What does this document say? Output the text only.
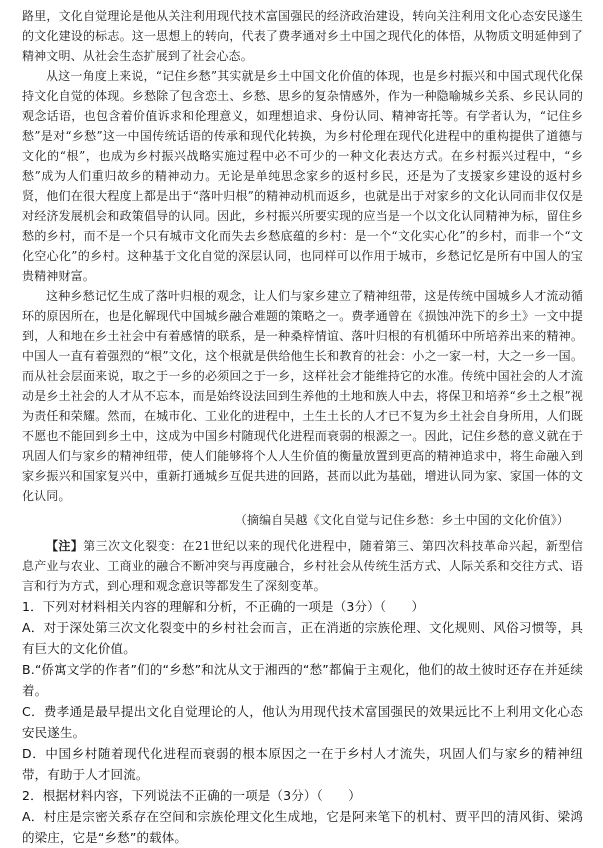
路里，文化自觉理论是他从关注利用现代技术富国强民的经济政治建设，转向关注利用文化心态安民遂生的文化建设的标志。这一思想上的转向，代表了费孝通对乡土中国之现代化的体悟，从物质文明延伸到了精神文明、从社会生态扩展到了社会心态。

从这一角度上来说，“记住乡愁”其实就是乡土中国文化价值的体现，也是乡村振兴和中国式现代化保持文化自觉的体现。乡愁除了包含恋土、乡愁、思乡的复杂情感外，作为一种隐喻城乡关系、乡民认同的观念话语，也包含着价值诉求和伦理意义，如理想追求、身份认同、精神寄托等。有学者认为，“记住乡愁”是对“乡愁”这一中国传统话语的传承和现代化转换，为乡村伦理在现代化进程中的重构提供了道德与文化的“根”，也成为乡村振兴战略实施过程中必不可少的一种文化表达方式。在乡村振兴过程中，“乡愁”成为人们重归故乡的精神动力。无论是单纯思念家乡的返村乡民，还是为了支援家乡建设的返村乡贤，他们在很大程度上都是出于“落叶归根”的精神动机而返乡，也就是出于对家乡的文化认同而非仅仅是对经济发展机会和政策倡导的认同。因此，乡村振兴所要实现的应当是一个以文化认同精神为标，留住乡愁的乡村，而不是一个只有城市文化而失去乡愁底蕴的乡村：是一个“文化实心化”的乡村，而非一个“文化空心化”的乡村。这种基于文化自觉的深层认同，也同样可以作用于城市，乡愁记忆是所有中国人的宝贵精神财富。

这种乡愁记忆生成了落叶归根的观念，让人们与家乡建立了精神纽带，这是传统中国城乡人才流动循环的原因所在，也是化解现代中国城乡融合难题的策略之一。费孝通曾在《损蚀冲洗下的乡土》一文中提到，人和地在乡土社会中有着感情的联系，是一种桑梓情谊、落叶归根的有机循环中所培养出来的精神。中国人一直有着强烈的“根”文化，这个根就是供给他生长和教育的社会：小之一家一村，大之一乡一国。而从社会层面来说，取之于一乡的必须回之于一乡，这样社会才能维持它的水准。传统中国社会的人才流动是乡土社会的人才从不忘本，而是始终设法回到生养他的土地和族人中去，将保卫和培养“乡土之根”视为责任和荣耀。然而，在城市化、工业化的进程中，土生土长的人才已不复为乡土社会自身所用，人们既不愿也不能回到乡土中，这成为中国乡村随现代化进程而衰弱的根源之一。因此，记住乡愁的意义就在于巩固人们与家乡的精神纽带，使人们能够将个人人生价值的衡量放置到更高的精神追求中，将生命融入到家乡振兴和国家复兴中，重新打通城乡互促共进的回路，甚而以此为基础，增进认同为家、家国一体的文化认同。

（摘编自吴越《文化自觉与记住乡愁：乡土中国的文化价值》）

【注】第三次文化裂变：在21世纪以来的现代化进程中，随着第三、第四次科技革命兴起，新型信息产业与农业、工商业的融合不断冲突与再度融合，乡村社会从传统生活方式、人际关系和交往方式、语言和行为方式，到心理和观念意识等都发生了深刻变革。

1．下列对材料相关内容的理解和分析，不正确的一项是（3分）（　　）

A．对于深处第三次文化裂变中的乡村社会而言，正在消逝的宗族伦理、文化规则、风俗习惯等，具有巨大的文化价值。

B.“侨寓文学的作者”们的“乡愁”和沈从文于湘西的“愁”都偏于主观化，他们的故土彼时还存在并延续着。

C．费孝通是最早提出文化自觉理论的人，他认为用现代技术富国强民的效果远比不上利用文化心态安民遂生。

D．中国乡村随着现代化进程而衰弱的根本原因之一在于乡村人才流失，巩固人们与家乡的精神纽带，有助于人才回流。

2．根据材料内容，下列说法不正确的一项是（3分）（　　）

A．村庄是宗密关系存在空间和宗族伦理文化生成地，它是阿来笔下的机村、贾平凹的清风街、梁鸿的梁庄，它是“乡愁”的载体。
